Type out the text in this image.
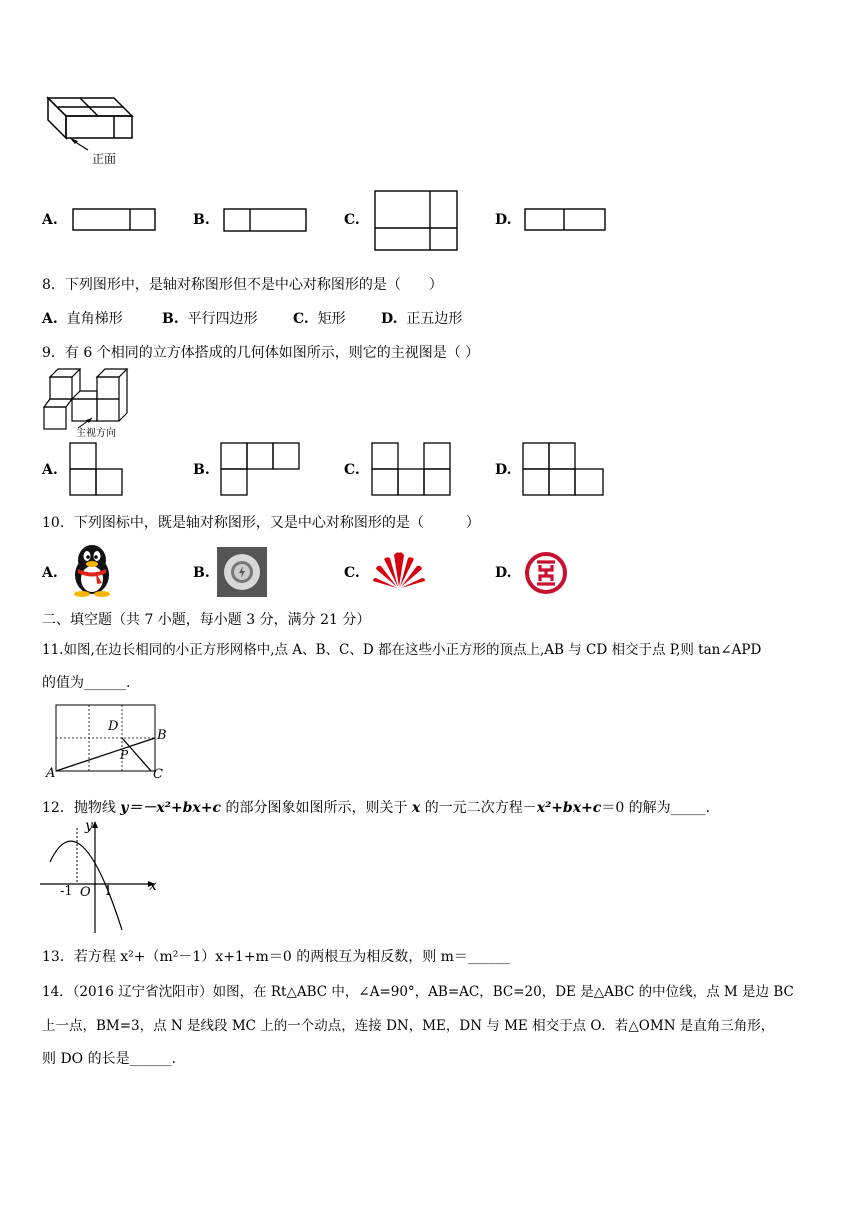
正面
A.	B.	C.	D.
8．下列图形中，是轴对称图形但不是中心对称图形的是（　　）
A. 直角梯形	B. 平行四边形	C. 矩形	D. 正五边形
9．有 6 个相同的立方体搭成的几何体如图所示，则它的主视图是（ ）
主视方向
A.	B.	C.	D.
10．下列图标中，既是轴对称图形，又是中心对称图形的是（　　　）
A.	B.	C.	D.
二、填空题（共 7 小题，每小题 3 分，满分 21 分）
11.如图,在边长相同的小正方形网格中,点 A、B、C、D 都在这些小正方形的顶点上,AB 与 CD 相交于点 P,则 tan∠APD
的值为______.
A
B
C
D
P
12．抛物线 y＝－x²+bx+c 的部分图象如图所示，则关于 x 的一元二次方程－x²+bx+c＝0 的解为_____.
y
x
-1 O 1
13．若方程 x²+（m²－1）x+1+m＝0 的两根互为相反数，则 m＝______
14．（2016 辽宁省沈阳市）如图，在 Rt△ABC 中，∠A=90°，AB=AC，BC=20，DE 是△ABC 的中位线，点 M 是边 BC
上一点，BM=3，点 N 是线段 MC 上的一个动点，连接 DN，ME，DN 与 ME 相交于点 O．若△OMN 是直角三角形，
则 DO 的长是______.
